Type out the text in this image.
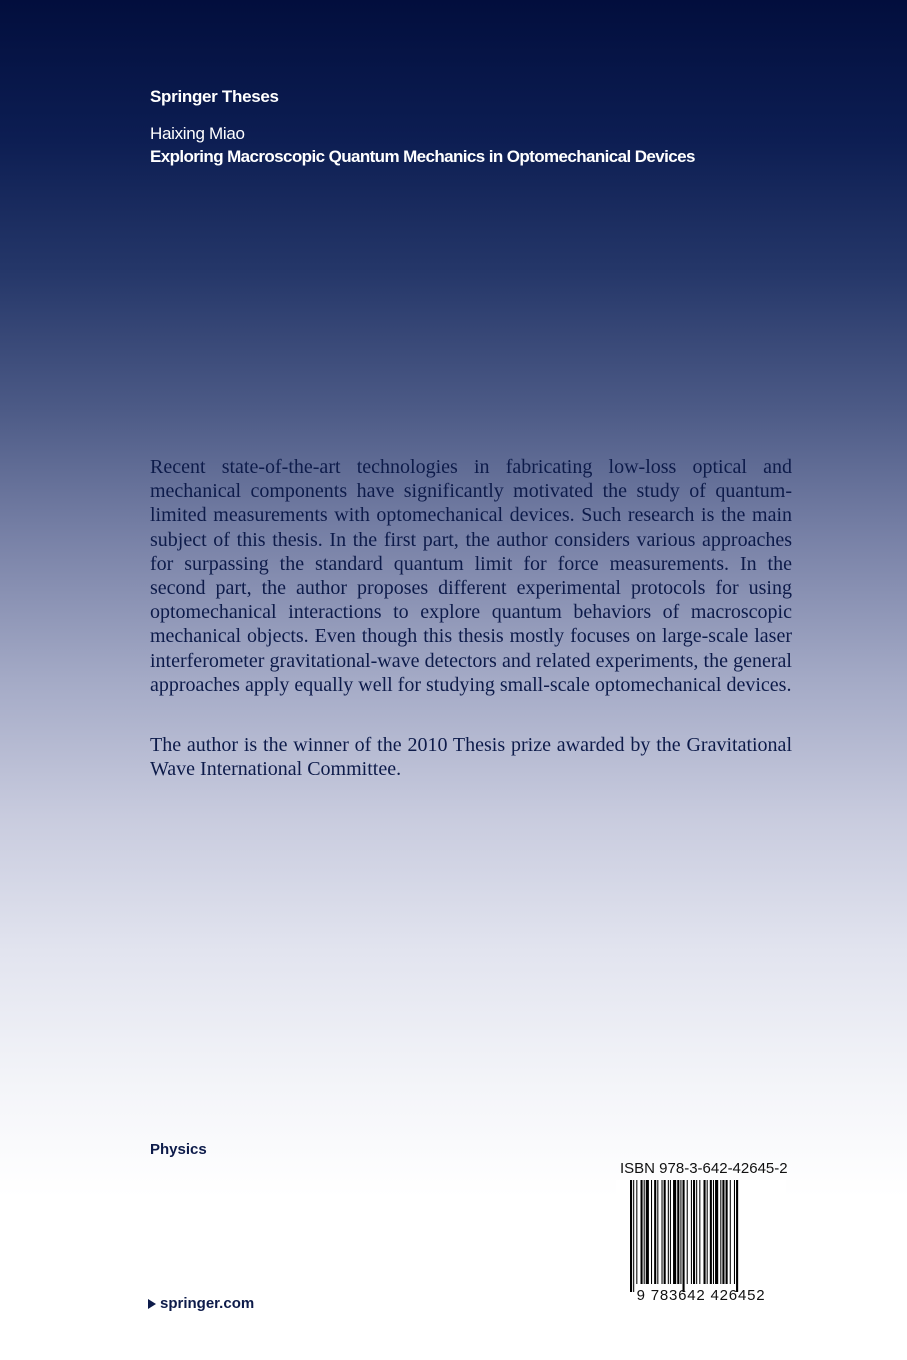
Springer Theses
Haixing Miao
Exploring Macroscopic Quantum Mechanics in Optomechanical Devices

Recent state-of-the-art technologies in fabricating low-loss optical and mechanical components have significantly motivated the study of quantum-limited measurements with optomechanical devices. Such research is the main subject of this thesis. In the first part, the author considers various approaches for surpassing the standard quantum limit for force measurements. In the second part, the author proposes different experimental protocols for using optomechanical interactions to explore quantum behaviors of macroscopic mechanical objects. Even though this thesis mostly focuses on large-scale laser interferometer gravitational-wave detectors and related experiments, the general approaches apply equally well for studying small-scale optomechanical devices.

The author is the winner of the 2010 Thesis prize awarded by the Gravitational Wave International Committee.

Physics
ISBN 978-3-642-42645-2
9 783642 426452
springer.com
